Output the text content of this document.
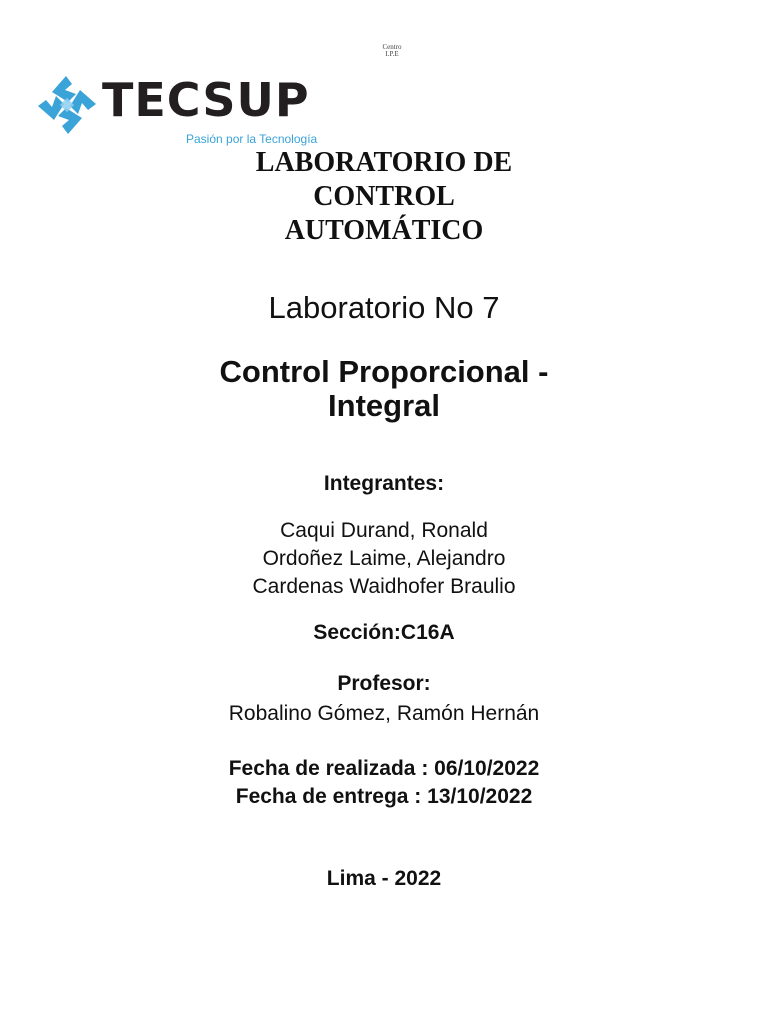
Centro
I.P.E
TECSUP
Pasión por la Tecnología
LABORATORIO DE
CONTROL
AUTOMÁTICO
Laboratorio No 7
Control Proporcional -
Integral
Integrantes:
Caqui Durand, Ronald
Ordoñez Laime, Alejandro
Cardenas Waidhofer Braulio
Sección:C16A
Profesor:
Robalino Gómez, Ramón Hernán
Fecha de realizada : 06/10/2022
Fecha de entrega : 13/10/2022
Lima - 2022
